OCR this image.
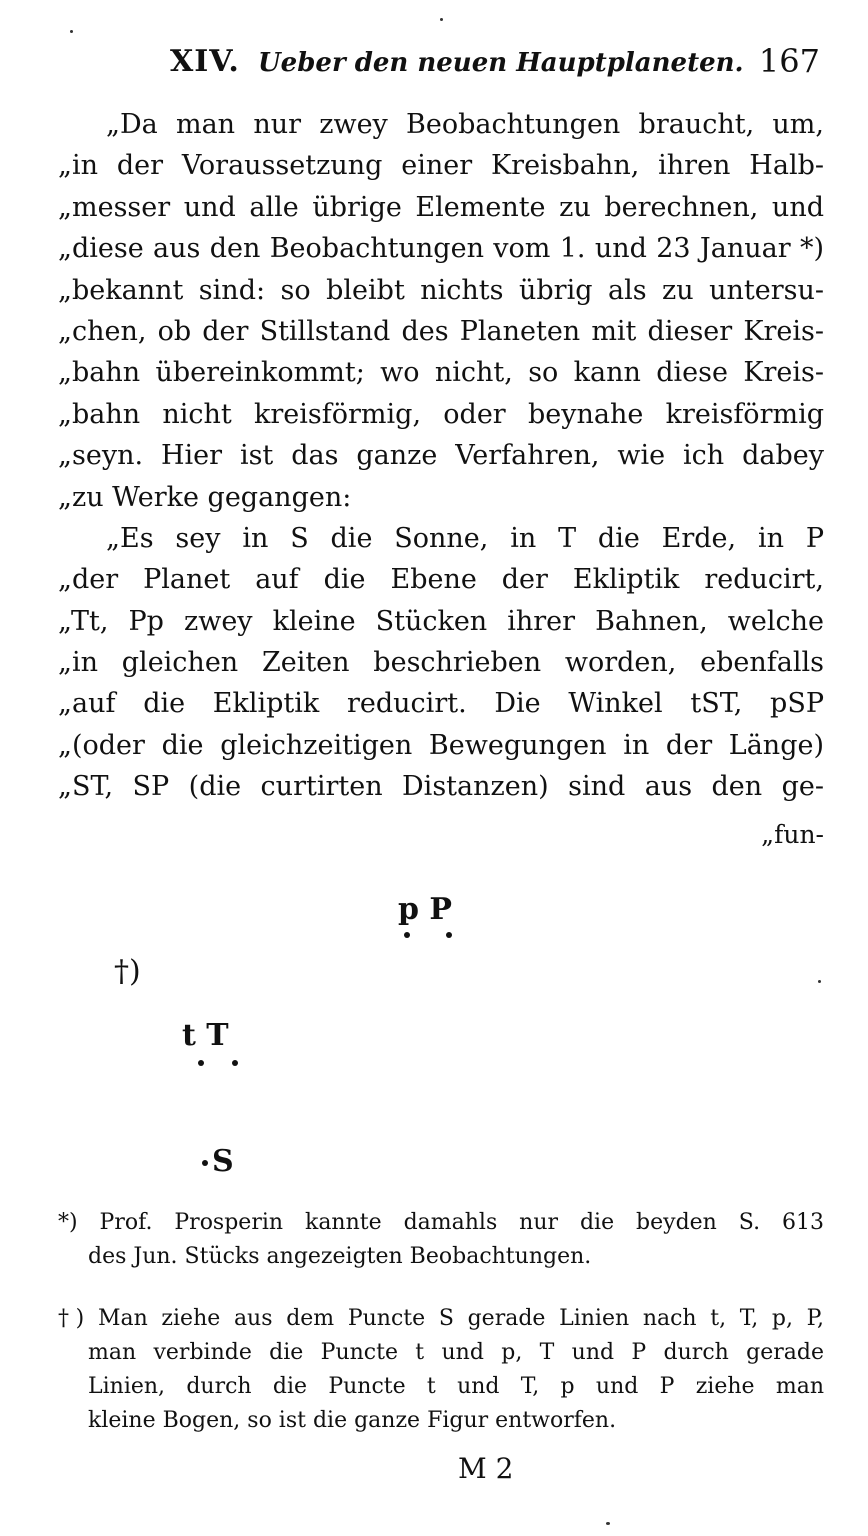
XIV. Ueber den neuen Hauptplaneten. 167
„Da man nur zwey Beobachtungen braucht, um,
„in der Voraussetzung einer Kreisbahn, ihren Halb-
„messer und alle übrige Elemente zu berechnen, und
„diese aus den Beobachtungen vom 1. und 23 Januar *)
„bekannt sind: so bleibt nichts übrig als zu untersu-
„chen, ob der Stillstand des Planeten mit dieser Kreis-
„bahn übereinkommt; wo nicht, so kann diese Kreis-
„bahn nicht kreisförmig, oder beynahe kreisförmig
„seyn. Hier ist das ganze Verfahren, wie ich dabey
„zu Werke gegangen:
„Es sey in S die Sonne, in T die Erde, in P
„der Planet auf die Ebene der Ekliptik reducirt,
„Tt, Pp zwey kleine Stücken ihrer Bahnen, welche
„in gleichen Zeiten beschrieben worden, ebenfalls
„auf die Ekliptik reducirt. Die Winkel tST, pSP
„(oder die gleichzeitigen Bewegungen in der Länge)
„ST, SP (die curtirten Distanzen) sind aus den ge-
„fun-
p P
†)
t T
S
*) Prof. Prosperin kannte damahls nur die beyden S. 613
des Jun. Stücks angezeigten Beobachtungen.
†) Man ziehe aus dem Puncte S gerade Linien nach t, T, p, P,
man verbinde die Puncte t und p, T und P durch gerade
Linien, durch die Puncte t und T, p und P ziehe man
kleine Bogen, so ist die ganze Figur entworfen.
M 2
